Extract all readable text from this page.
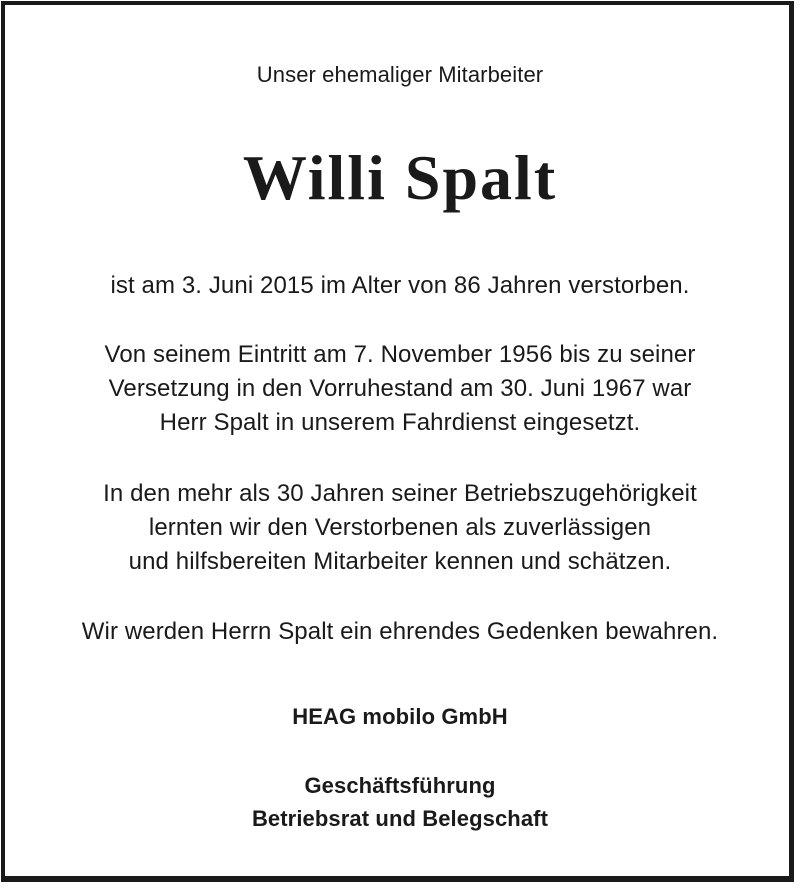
Unser ehemaliger Mitarbeiter
Willi Spalt
ist am 3. Juni 2015 im Alter von 86 Jahren verstorben.
Von seinem Eintritt am 7. November 1956 bis zu seiner
Versetzung in den Vorruhestand am 30. Juni 1967 war
Herr Spalt in unserem Fahrdienst eingesetzt.
In den mehr als 30 Jahren seiner Betriebszugehörigkeit
lernten wir den Verstorbenen als zuverlässigen
und hilfsbereiten Mitarbeiter kennen und schätzen.
Wir werden Herrn Spalt ein ehrendes Gedenken bewahren.
HEAG mobilo GmbH
Geschäftsführung
Betriebsrat und Belegschaft
